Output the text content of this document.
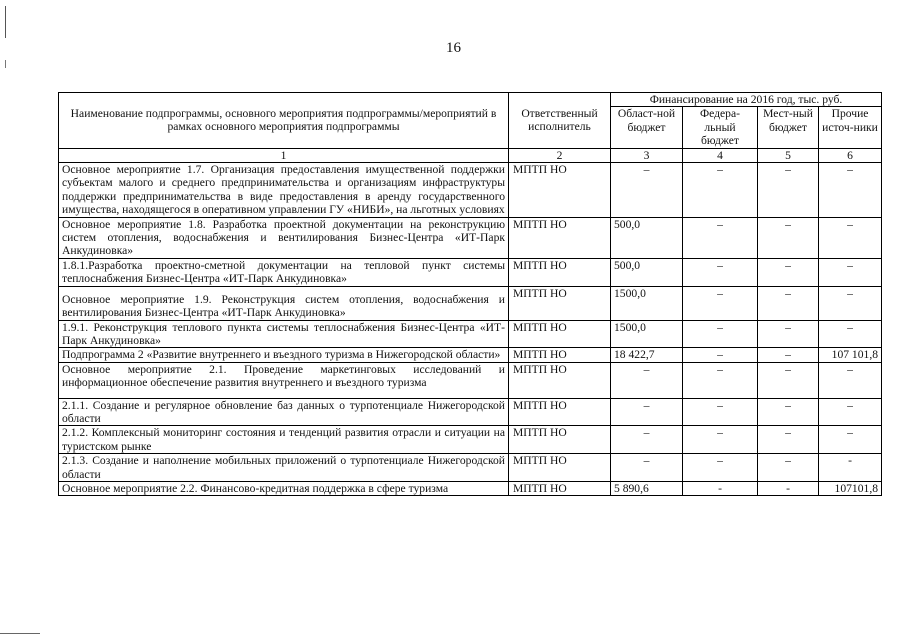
16
Наименование подпрограммы, основного мероприятия подпрограммы/мероприятий в рамках основного мероприятия подпрограммы	Ответственный исполнитель	Финансирование на 2016 год, тыс. руб.			
		Област-ной бюджет	Федера-льный бюджет	Мест-ный бюджет	Прочие источ-ники
1	2	3	4	5	6
Основное мероприятие 1.7. Организация предоставления имущественной поддержки субъектам малого и среднего предпринимательства и организациям инфраструктуры поддержки предпринимательства в виде предоставления в аренду государственного имущества, находящегося в оперативном управлении ГУ «НИБИ», на льготных условиях	МПТП НО	–	–	–	–
Основное мероприятие 1.8. Разработка проектной документации на реконструкцию систем отопления, водоснабжения и вентилирования Бизнес-Центра «ИТ-Парк Анкудиновка»	МПТП НО	500,0	–	–	–
1.8.1.Разработка проектно-сметной документации на тепловой пункт системы теплоснабжения Бизнес-Центра «ИТ-Парк Анкудиновка»	МПТП НО	500,0	–	–	–
Основное мероприятие 1.9. Реконструкция систем отопления, водоснабжения и вентилирования Бизнес-Центра «ИТ-Парк Анкудиновка»	МПТП НО	1500,0	–	–	–
1.9.1. Реконструкция теплового пункта системы теплоснабжения Бизнес-Центра «ИТ-Парк Анкудиновка»	МПТП НО	1500,0	–	–	–
Подпрограмма 2 «Развитие внутреннего и въездного туризма в Нижегородской области»	МПТП НО	18 422,7	–	–	107 101,8
Основное мероприятие 2.1. Проведение маркетинговых исследований и информационное обеспечение развития внутреннего и въездного туризма	МПТП НО	–	–	–	–
2.1.1. Создание и регулярное обновление баз данных о турпотенциале Нижегородской области	МПТП НО	–	–	–	–
2.1.2. Комплексный мониторинг состояния и тенденций развития отрасли и ситуации на туристском рынке	МПТП НО	–	–	–	–
2.1.3. Создание и наполнение мобильных приложений о турпотенциале Нижегородской области	МПТП НО	–	–	–	-
Основное мероприятие 2.2. Финансово-кредитная поддержка в сфере туризма	МПТП НО	5 890,6	-	-	107101,8
